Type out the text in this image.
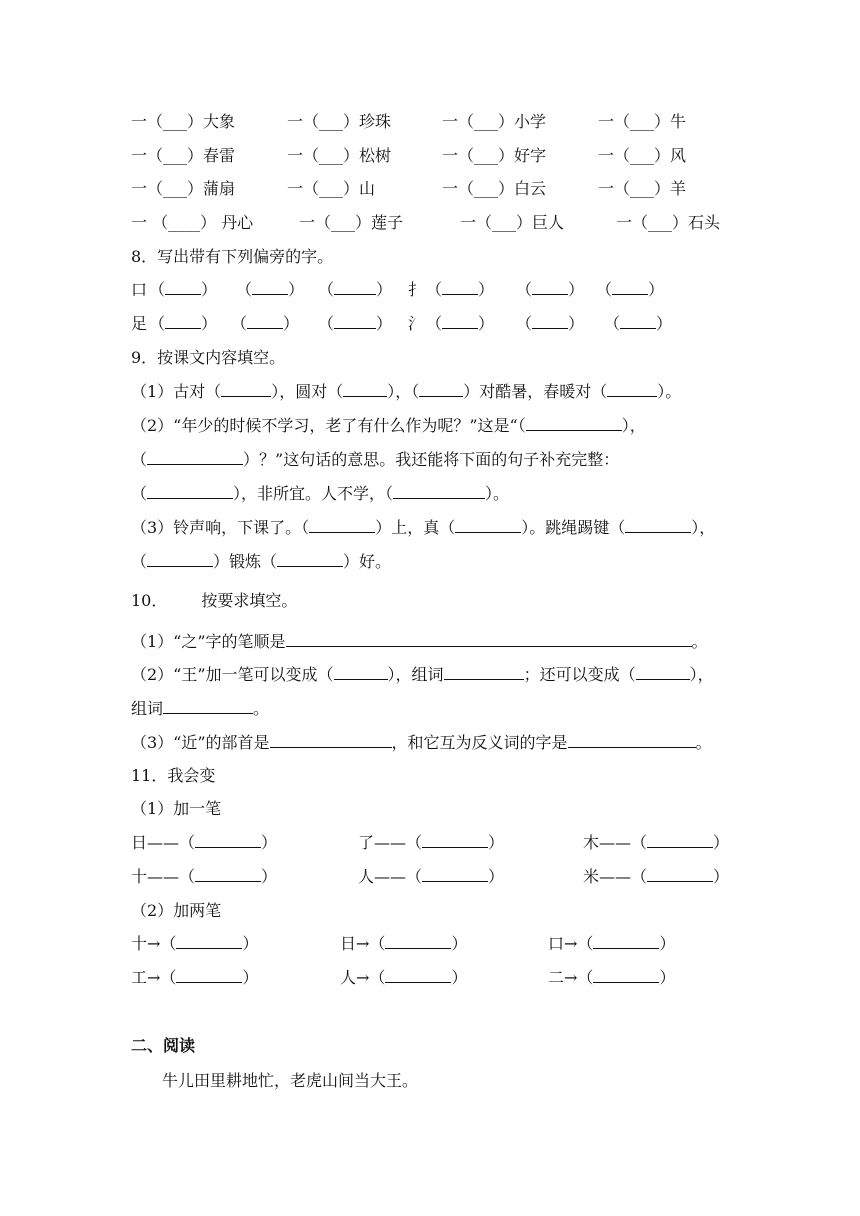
一（___）大象	一（___）珍珠	一（___）小学	一（___）牛
一（___）春雷	一（___）松树	一（___）好字	一（___）风
一（___）蒲扇	一（___）山	一（___）白云	一（___）羊
一 （____） 丹心	一（___）莲子	一（___）巨人	一（___）石头
8．写出带有下列偏旁的字。
口 （ ） （ ） （	） 扌 （ ） （ ） （ ）
足 （ ） （ ） （	） 氵 （ ） （ ） （ ）
9．按课文内容填空。
（1）古对（	），圆对（	），（	）对酷暑，春暖对（	）。
（2）“年少的时候不学习，老了有什么作为呢？”这是“（	），
（	）？”这句话的意思。我还能将下面的句子补充完整：
（	），非所宜。人不学，（	）。
（3）铃声响，下课了。（	）上，真（	）。跳绳踢键（	），
（	）锻炼（	）好。
10． 按要求填空。
（1）“之”字的笔顺是	。
（2）“王”加一笔可以变成（	），组词	；还可以变成（	），
组词	。
（3）“近”的部首是	，和它互为反义词的字是	。
11．我会变
（1）加一笔
日——（	）	了——（	）	木——（	）
十——（	）	人——（	）	米——（	）
（2）加两笔
十→（	）	日→（	）	口→（	）
工→（	）	人→（	）	二→（	）
二、阅读
牛儿田里耕地忙，老虎山间当大王。
